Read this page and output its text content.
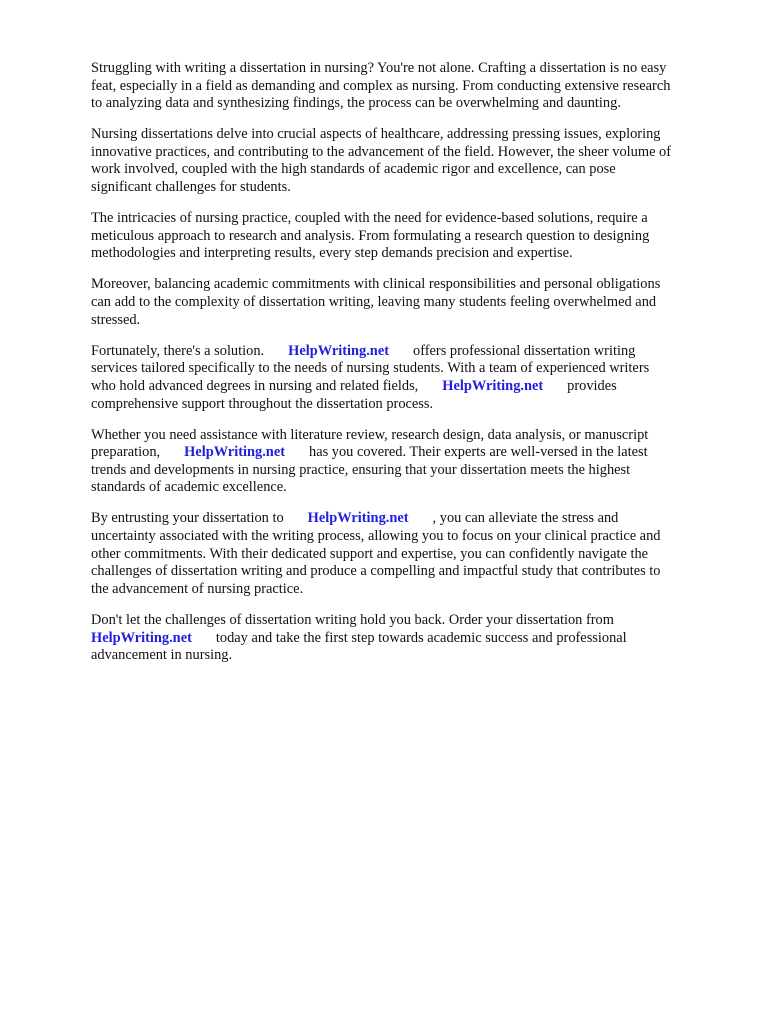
Struggling with writing a dissertation in nursing? You're not alone. Crafting a dissertation is no easy
feat, especially in a field as demanding and complex as nursing. From conducting extensive research
to analyzing data and synthesizing findings, the process can be overwhelming and daunting.
Nursing dissertations delve into crucial aspects of healthcare, addressing pressing issues, exploring
innovative practices, and contributing to the advancement of the field. However, the sheer volume of
work involved, coupled with the high standards of academic rigor and excellence, can pose
significant challenges for students.
The intricacies of nursing practice, coupled with the need for evidence-based solutions, require a
meticulous approach to research and analysis. From formulating a research question to designing
methodologies and interpreting results, every step demands precision and expertise.
Moreover, balancing academic commitments with clinical responsibilities and personal obligations
can add to the complexity of dissertation writing, leaving many students feeling overwhelmed and
stressed.
Fortunately, there's a solution. HelpWriting.net offers professional dissertation writing
services tailored specifically to the needs of nursing students. With a team of experienced writers
who hold advanced degrees in nursing and related fields, HelpWriting.net provides
comprehensive support throughout the dissertation process.
Whether you need assistance with literature review, research design, data analysis, or manuscript
preparation, HelpWriting.net has you covered. Their experts are well-versed in the latest
trends and developments in nursing practice, ensuring that your dissertation meets the highest
standards of academic excellence.
By entrusting your dissertation to HelpWriting.net , you can alleviate the stress and
uncertainty associated with the writing process, allowing you to focus on your clinical practice and
other commitments. With their dedicated support and expertise, you can confidently navigate the
challenges of dissertation writing and produce a compelling and impactful study that contributes to
the advancement of nursing practice.
Don't let the challenges of dissertation writing hold you back. Order your dissertation from
HelpWriting.net today and take the first step towards academic success and professional
advancement in nursing.
